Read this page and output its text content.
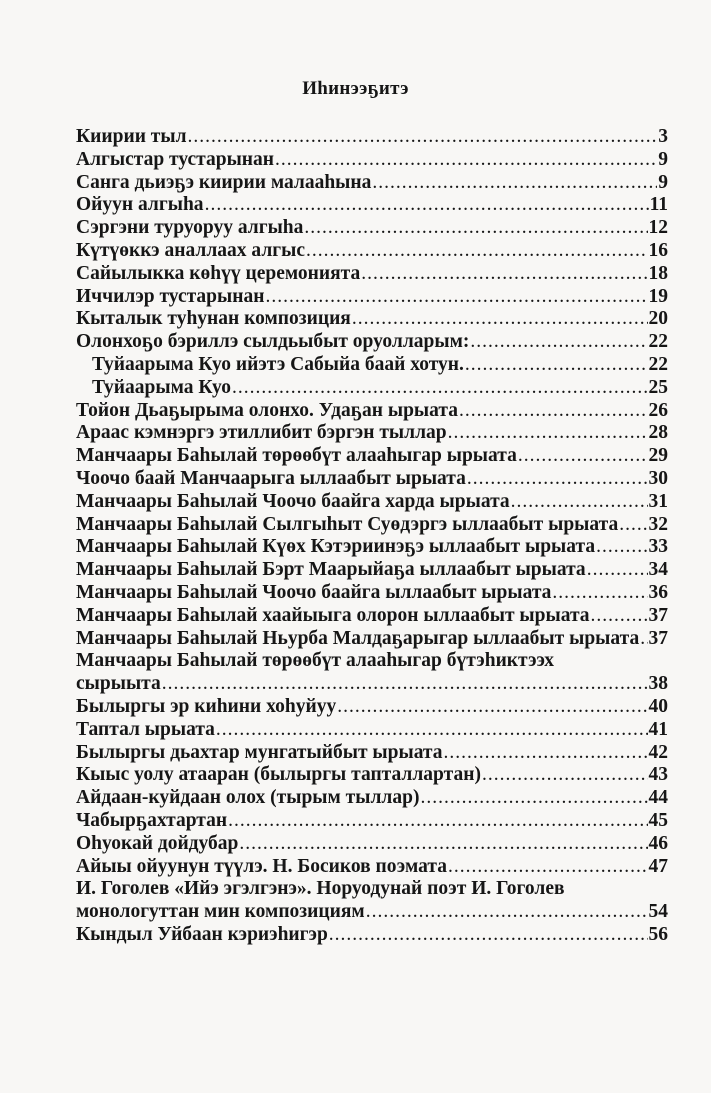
Иһинээҕитэ
Киирии тыл .....	3
Алгыстар тустарынан .....	9
Санга дьиэҕэ киирии малааһына .....	9
Ойуун алгыһа .....	11
Сэргэни туруоруу алгыһа .....	12
Күтүөккэ аналлаах алгыс .....	16
Сайылыкка көһүү церемонията .....	18
Иччилэр тустарынан .....	19
Кыталык туһунан композиция .....	20
Олонхоҕо бэриллэ сылдьыбыт оруолларым: .....	22
Туйаарыма Куо ийэтэ Сабыйа баай хотун. .....	22
Туйаарыма Куо .....	25
Тойон Дьаҕырыма олонхо. Удаҕан ырыата .....	26
Араас кэмнэргэ этиллибит бэргэн тыллар .....	28
Манчаары Баһылай төрөөбүт алааһыгар ырыата .....	29
Чоочо баай Манчаарыга ыллаабыт ырыата .....	30
Манчаары Баһылай Чоочо баайга харда ырыата .....	31
Манчаары Баһылай Сылгыһыт Суөдэргэ ыллаабыт ырыата ..... 32
Манчаары Баһылай Күөх Кэтэриинэҕэ ыллаабыт ырыата .....	33
Манчаары Баһылай Бэрт Маарыйаҕа ыллаабыт ырыата .....	34
Манчаары Баһылай Чоочо баайга ыллаабыт ырыата .....	36
Манчаары Баһылай хаайыыга олорон ыллаабыт ырыата .....	37
Манчаары Баһылай Ньурба Малдаҕарыгар ыллаабыт ырыата ..... 37
Манчаары Баһылай төрөөбүт алааһыгар бүтэһиктээх
сырыыта .....	38
Былыргы эр киһини хоһуйуу .....	40
Таптал ырыата .....	41
Былыргы дьахтар мунгатыйбыт ырыата .....	42
Кыыс уолу атааран (былыргы тапталлартан) .....	43
Айдаан-куйдаан олох (тырым тыллар) .....	44
Чабырҕахтартан .....	45
Оһуокай дойдубар .....	46
Айыы ойуунун түүлэ. Н. Босиков поэмата .....	47
И. Гоголев «Ийэ эгэлгэнэ». Норуодунай поэт И. Гоголев
монологуттан мин композициям .....	54
Кындыл Уйбаан кэриэһигэр .....	56
